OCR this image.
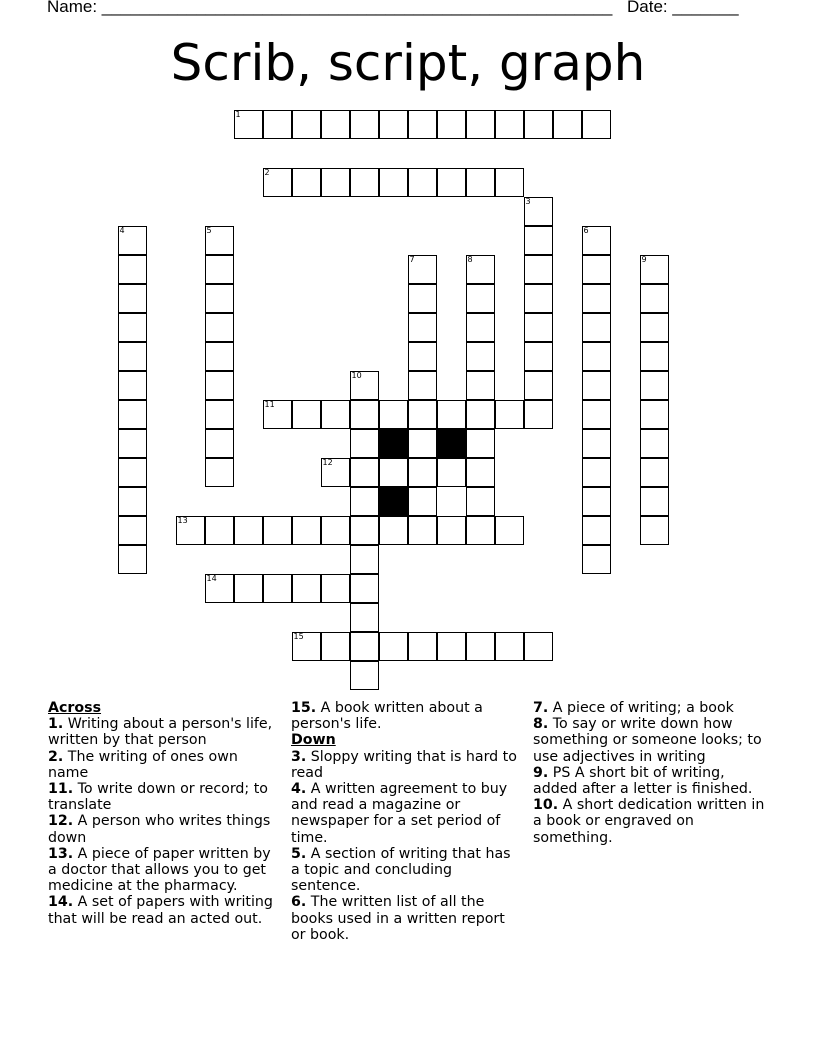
Name: ______________________________________________________ Date: _______
Scrib, script, graph
1
2
11
12
13
14
15
3
4	5	6
7	8	9
10
Across
1. Writing about a person's life, written by that person
2. The writing of ones own name
11. To write down or record; to translate
12. A person who writes things down
13. A piece of paper written by a doctor that allows you to get medicine at the pharmacy.
14. A set of papers with writing that will be read an acted out.
15. A book written about a person's life.
Down
3. Sloppy writing that is hard to read
4. A written agreement to buy and read a magazine or newspaper for a set period of time.
5. A section of writing that has a topic and concluding sentence.
6. The written list of all the books used in a written report or book.
7. A piece of writing; a book
8. To say or write down how something or someone looks; to use adjectives in writing
9. PS A short bit of writing, added after a letter is finished.
10. A short dedication written in a book or engraved on something.
